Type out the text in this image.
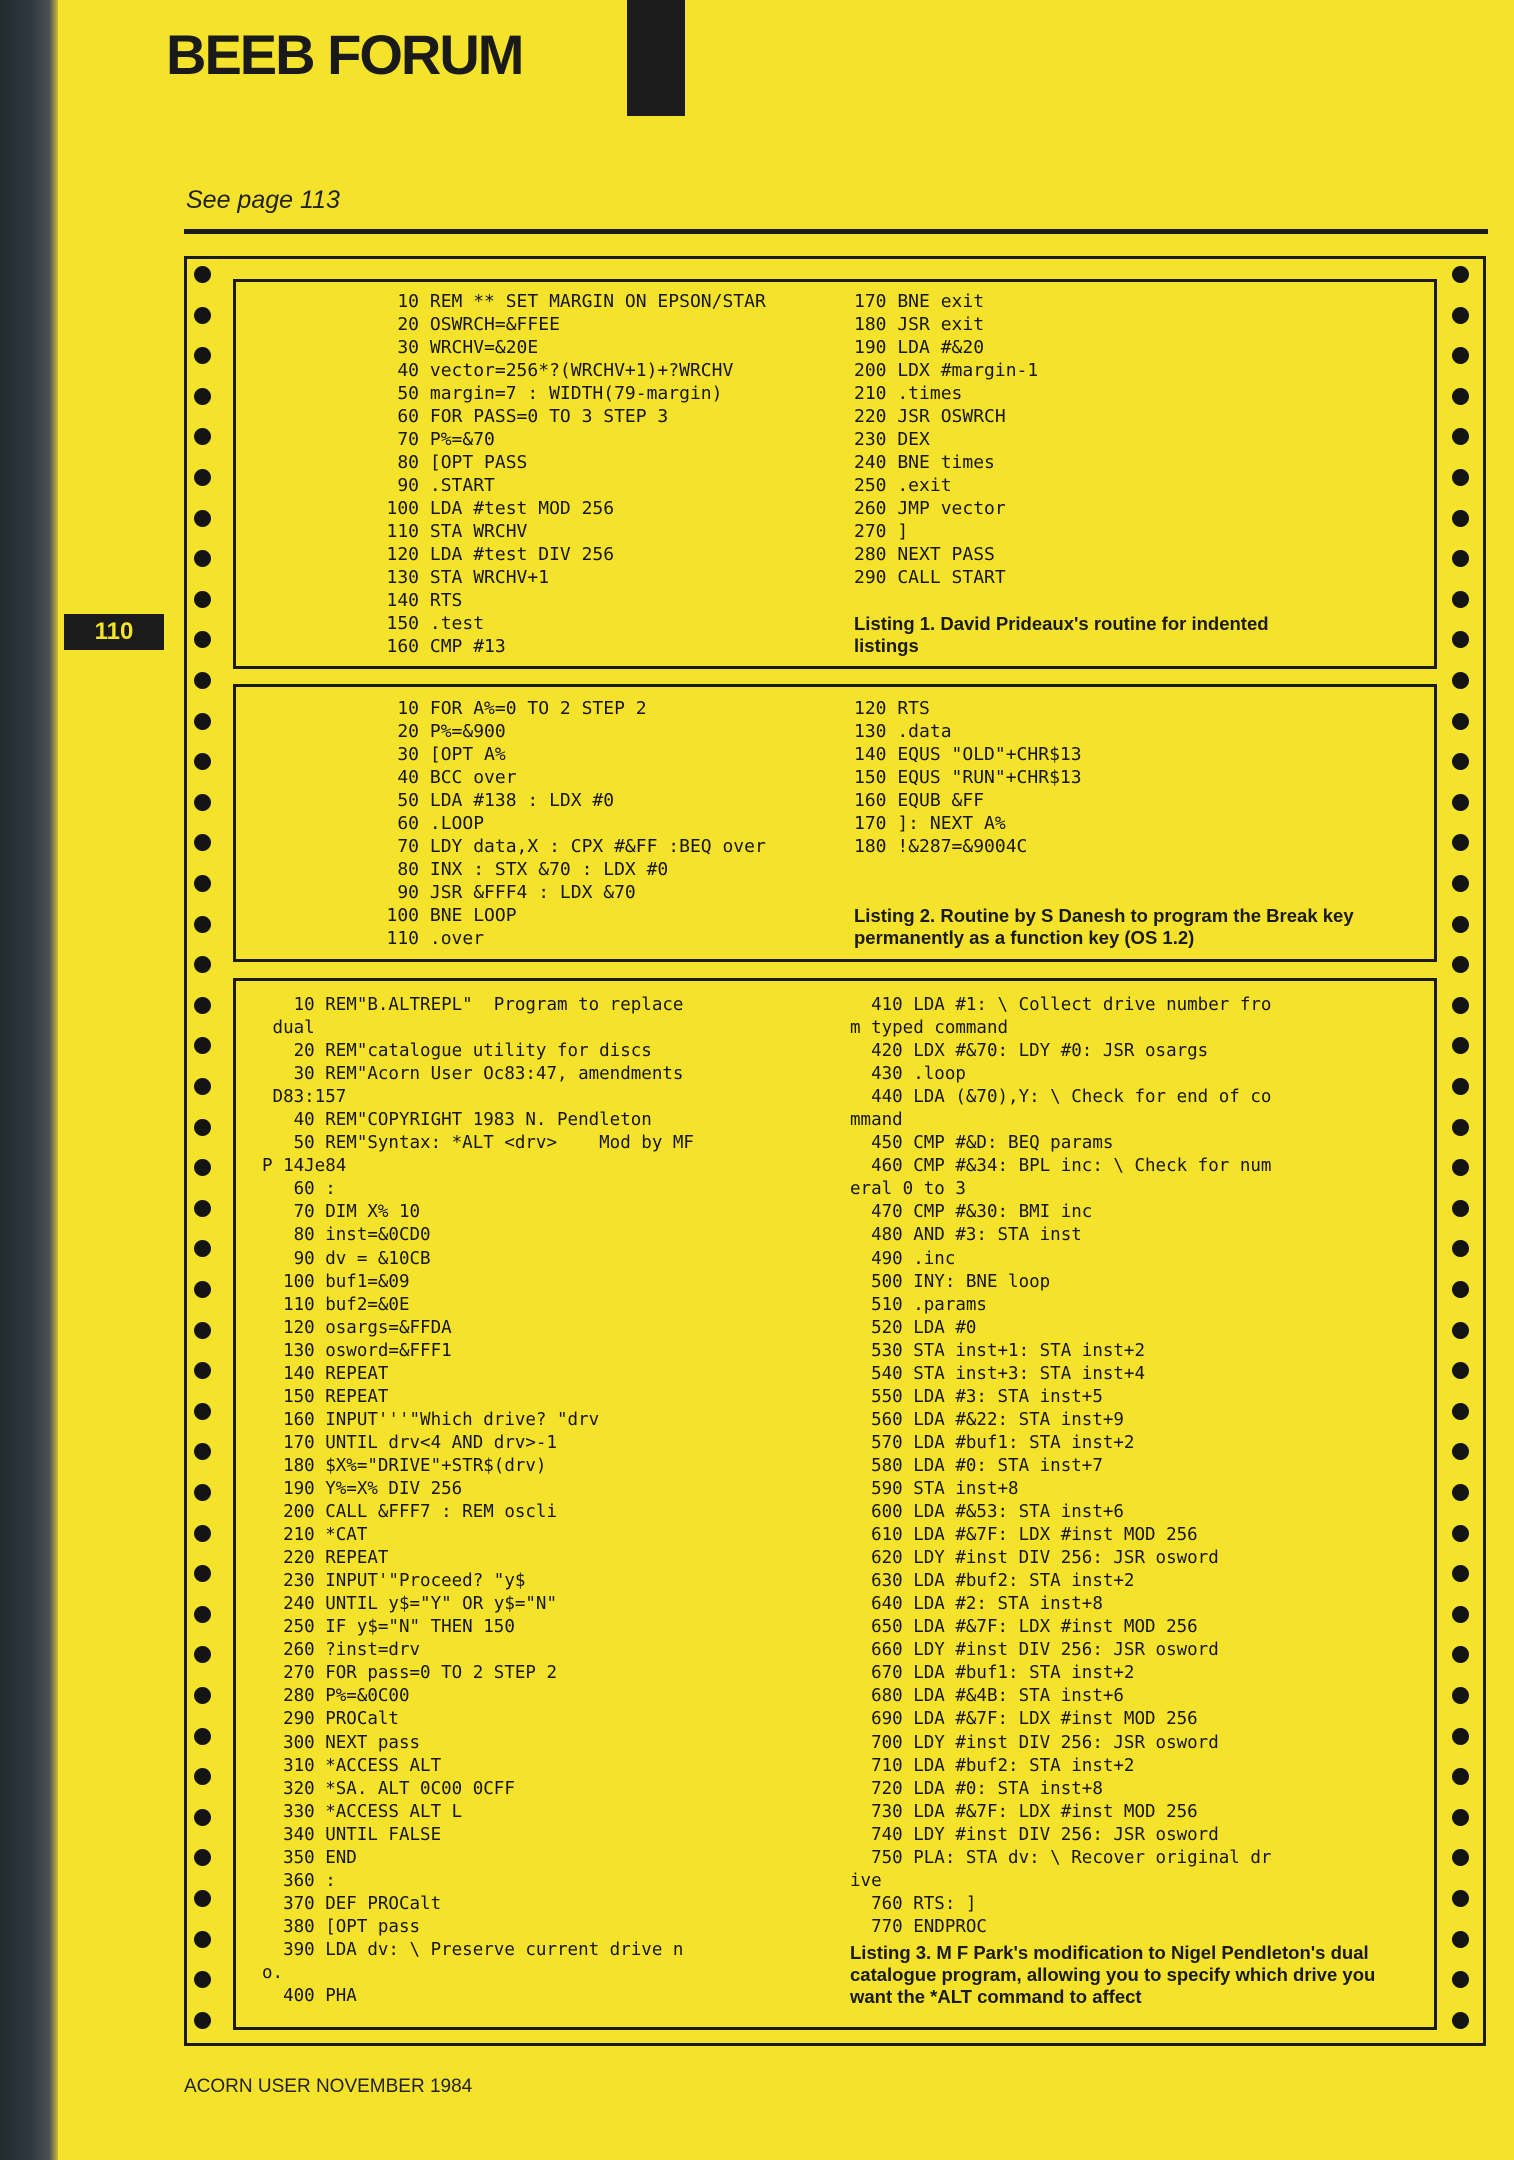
BEEB FORUM
See page 113
110
10 REM ** SET MARGIN ON EPSON/STAR
20 OSWRCH=&FFEE
30 WRCHV=&20E
40 vector=256*?(WRCHV+1)+?WRCHV
50 margin=7 : WIDTH(79-margin)
60 FOR PASS=0 TO 3 STEP 3
70 P%=&70
80 [OPT PASS
90 .START
100 LDA #test MOD 256
110 STA WRCHV
120 LDA #test DIV 256
130 STA WRCHV+1
140 RTS
150 .test
160 CMP #13
170 BNE exit
180 JSR exit
190 LDA #&20
200 LDX #margin-1
210 .times
220 JSR OSWRCH
230 DEX
240 BNE times
250 .exit
260 JMP vector
270 ]
280 NEXT PASS
290 CALL START
Listing 1. David Prideaux's routine for indented listings
10 FOR A%=0 TO 2 STEP 2
20 P%=&900
30 [OPT A%
40 BCC over
50 LDA #138 : LDX #0
60 .LOOP
70 LDY data,X : CPX #&FF :BEQ over
80 INX : STX &70 : LDX #0
90 JSR &FFF4 : LDX &70
100 BNE LOOP
110 .over
120 RTS
130 .data
140 EQUS "OLD"+CHR$13
150 EQUS "RUN"+CHR$13
160 EQUB &FF
170 ]: NEXT A%
180 !&287=&9004C
Listing 2. Routine by S Danesh to program the Break key permanently as a function key (OS 1.2)
10 REM"B.ALTREPL"  Program to replace
dual
20 REM"catalogue utility for discs
30 REM"Acorn User Oc83:47, amendments
D83:157
40 REM"COPYRIGHT 1983 N. Pendleton
50 REM"Syntax: *ALT <drv>    Mod by MF
P 14Je84
60 :
70 DIM X% 10
80 inst=&0CD0
90 dv = &10CB
100 buf1=&09
110 buf2=&0E
120 osargs=&FFDA
130 osword=&FFF1
140 REPEAT
150 REPEAT
160 INPUT'''"Which drive? "drv
170 UNTIL drv<4 AND drv>-1
180 $X%="DRIVE"+STR$(drv)
190 Y%=X% DIV 256
200 CALL &FFF7 : REM oscli
210 *CAT
220 REPEAT
230 INPUT'"Proceed? "y$
240 UNTIL y$="Y" OR y$="N"
250 IF y$="N" THEN 150
260 ?inst=drv
270 FOR pass=0 TO 2 STEP 2
280 P%=&0C00
290 PROCalt
300 NEXT pass
310 *ACCESS ALT
320 *SA. ALT 0C00 0CFF
330 *ACCESS ALT L
340 UNTIL FALSE
350 END
360 :
370 DEF PROCalt
380 [OPT pass
390 LDA dv: \ Preserve current drive n
o.
400 PHA
410 LDA #1: \ Collect drive number fro
m typed command
420 LDX #&70: LDY #0: JSR osargs
430 .loop
440 LDA (&70),Y: \ Check for end of co
mmand
450 CMP #&D: BEQ params
460 CMP #&34: BPL inc: \ Check for num
eral 0 to 3
470 CMP #&30: BMI inc
480 AND #3: STA inst
490 .inc
500 INY: BNE loop
510 .params
520 LDA #0
530 STA inst+1: STA inst+2
540 STA inst+3: STA inst+4
550 LDA #3: STA inst+5
560 LDA #&22: STA inst+9
570 LDA #buf1: STA inst+2
580 LDA #0: STA inst+7
590 STA inst+8
600 LDA #&53: STA inst+6
610 LDA #&7F: LDX #inst MOD 256
620 LDY #inst DIV 256: JSR osword
630 LDA #buf2: STA inst+2
640 LDA #2: STA inst+8
650 LDA #&7F: LDX #inst MOD 256
660 LDY #inst DIV 256: JSR osword
670 LDA #buf1: STA inst+2
680 LDA #&4B: STA inst+6
690 LDA #&7F: LDX #inst MOD 256
700 LDY #inst DIV 256: JSR osword
710 LDA #buf2: STA inst+2
720 LDA #0: STA inst+8
730 LDA #&7F: LDX #inst MOD 256
740 LDY #inst DIV 256: JSR osword
750 PLA: STA dv: \ Recover original dr
ive
760 RTS: ]
770 ENDPROC
Listing 3. M F Park's modification to Nigel Pendleton's dual catalogue program, allowing you to specify which drive you want the *ALT command to affect
ACORN USER NOVEMBER 1984
